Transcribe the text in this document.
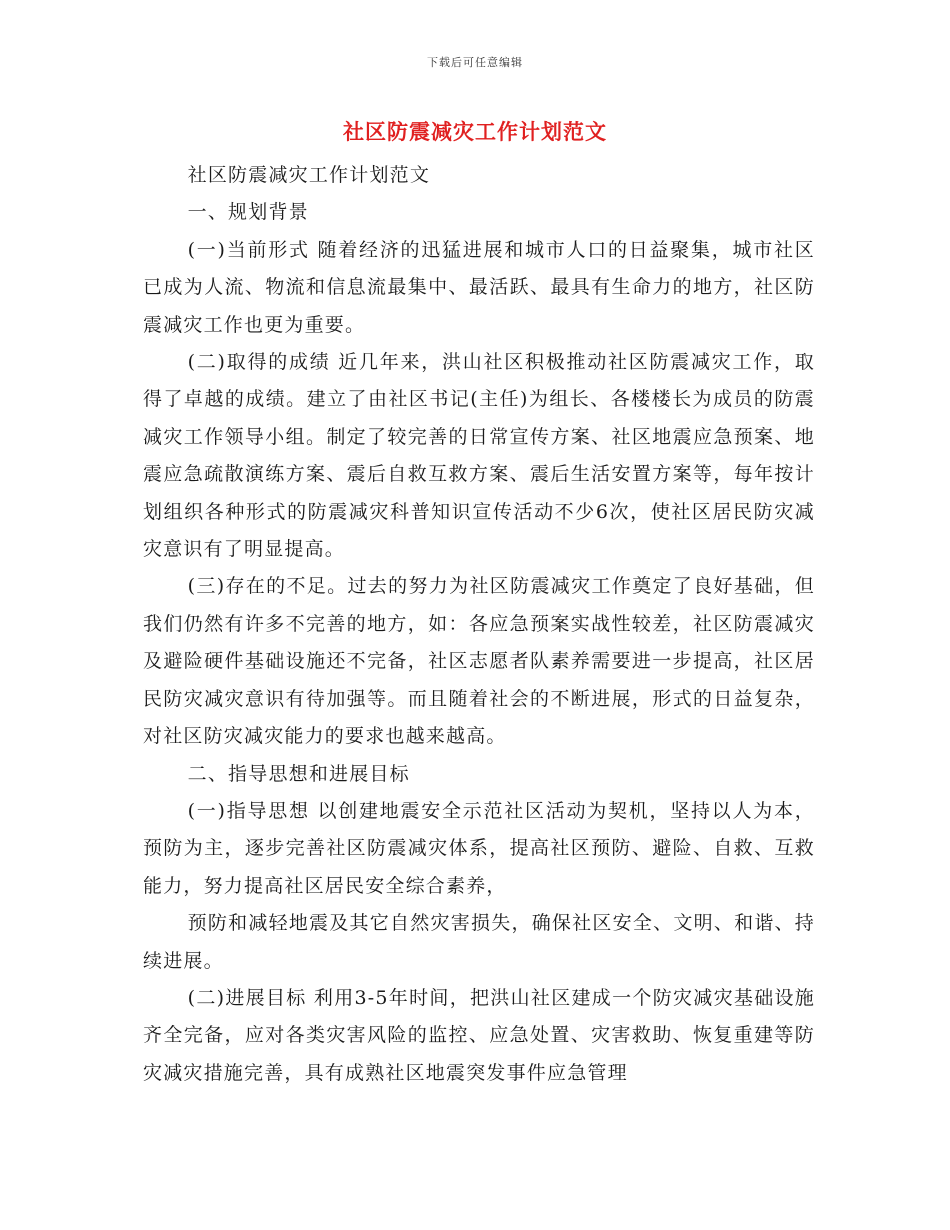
下载后可任意编辑
社区防震减灾工作计划范文

社区防震减灾工作计划范文

一、规划背景

(一)当前形式 随着经济的迅猛进展和城市人口的日益聚集，城市社区已成为人流、物流和信息流最集中、最活跃、最具有生命力的地方，社区防震减灾工作也更为重要。

(二)取得的成绩 近几年来，洪山社区积极推动社区防震减灾工作，取得了卓越的成绩。建立了由社区书记(主任)为组长、各楼楼长为成员的防震减灾工作领导小组。制定了较完善的日常宣传方案、社区地震应急预案、地震应急疏散演练方案、震后自救互救方案、震后生活安置方案等，每年按计划组织各种形式的防震减灾科普知识宣传活动不少6次，使社区居民防灾减灾意识有了明显提高。

(三)存在的不足。过去的努力为社区防震减灾工作奠定了良好基础，但我们仍然有许多不完善的地方，如：各应急预案实战性较差，社区防震减灾及避险硬件基础设施还不完备，社区志愿者队素养需要进一步提高，社区居民防灾减灾意识有待加强等。而且随着社会的不断进展，形式的日益复杂，对社区防灾减灾能力的要求也越来越高。

二、指导思想和进展目标

(一)指导思想 以创建地震安全示范社区活动为契机，坚持以人为本，预防为主，逐步完善社区防震减灾体系，提高社区预防、避险、自救、互救能力，努力提高社区居民安全综合素养，

预防和减轻地震及其它自然灾害损失，确保社区安全、文明、和谐、持续进展。

(二)进展目标 利用3-5年时间，把洪山社区建成一个防灾减灾基础设施齐全完备，应对各类灾害风险的监控、应急处置、灾害救助、恢复重建等防灾减灾措施完善，具有成熟社区地震突发事件应急管理
